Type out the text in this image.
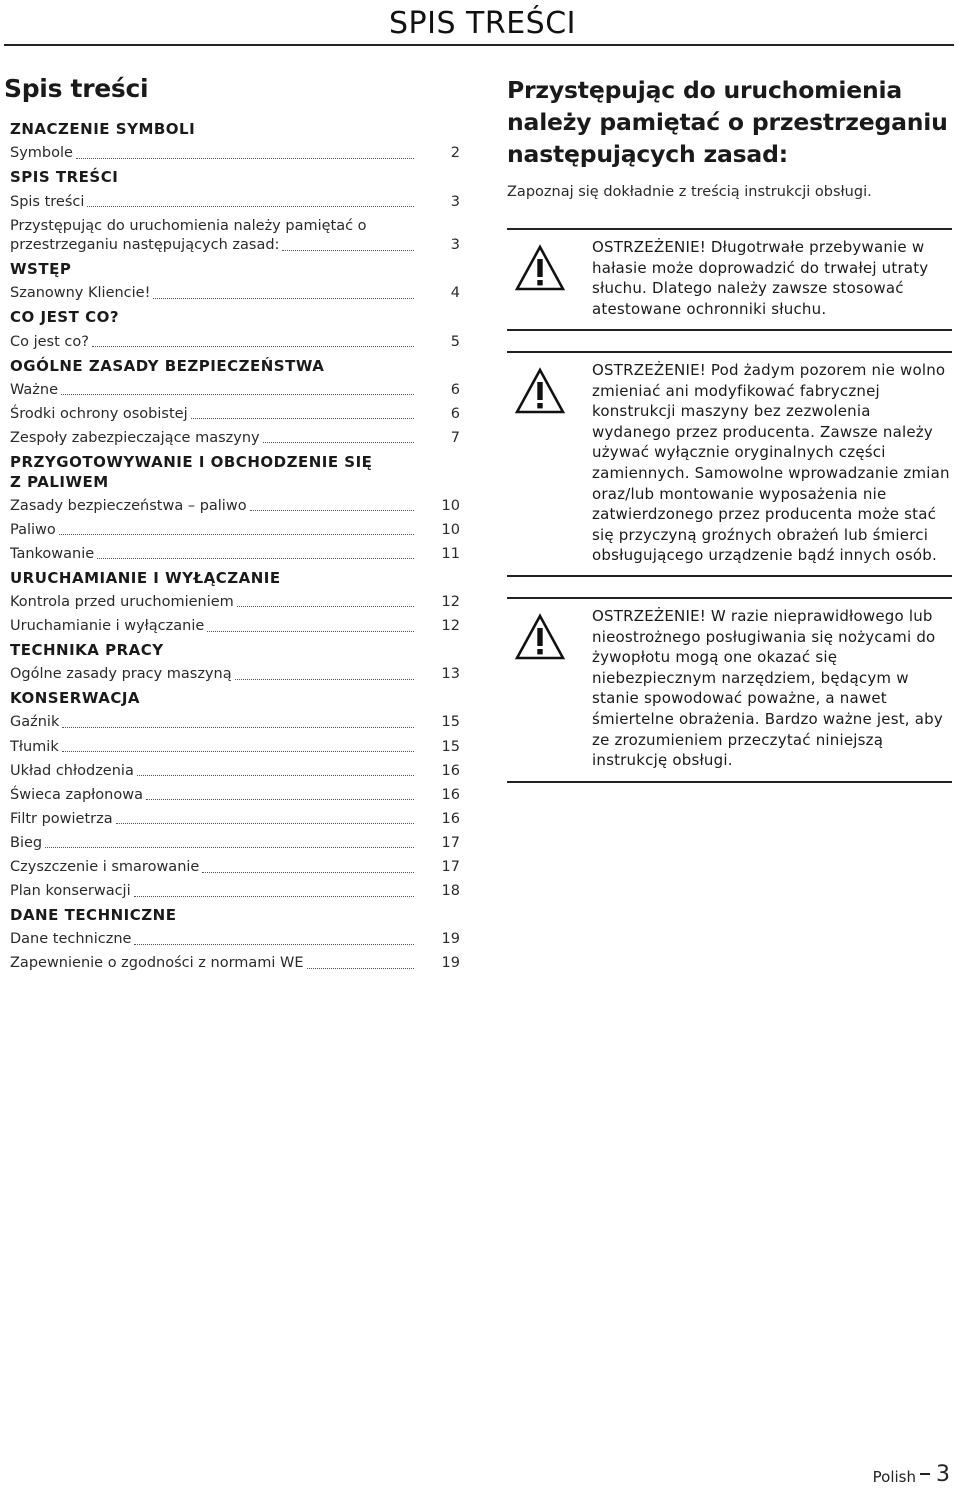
SPIS TREŚCI
Spis treści
ZNACZENIE SYMBOLI
Symbole	2
SPIS TREŚCI
Spis treści	3
Przystępując do uruchomienia należy pamiętać o
przestrzeganiu następujących zasad:	3
WSTĘP
Szanowny Kliencie!	4
CO JEST CO?
Co jest co?	5
OGÓLNE ZASADY BEZPIECZEŃSTWA
Ważne	6
Środki ochrony osobistej	6
Zespoły zabezpieczające maszyny	7
PRZYGOTOWYWANIE I OBCHODZENIE SIĘ Z PALIWEM
Zasady bezpieczeństwa – paliwo	10
Paliwo	10
Tankowanie	11
URUCHAMIANIE I WYŁĄCZANIE
Kontrola przed uruchomieniem	12
Uruchamianie i wyłączanie	12
TECHNIKA PRACY
Ogólne zasady pracy maszyną	13
KONSERWACJA
Gaźnik	15
Tłumik	15
Układ chłodzenia	16
Świeca zapłonowa	16
Filtr powietrza	16
Bieg	17
Czyszczenie i smarowanie	17
Plan konserwacji	18
DANE TECHNICZNE
Dane techniczne	19
Zapewnienie o zgodności z normami WE	19
Przystępując do uruchomienia należy pamiętać o przestrzeganiu następujących zasad:
Zapoznaj się dokładnie z treścią instrukcji obsługi.
OSTRZEŻENIE! Długotrwałe przebywanie w hałasie może doprowadzić do trwałej utraty słuchu. Dlatego należy zawsze stosować atestowane ochronniki słuchu.
OSTRZEŻENIE! Pod żadym pozorem nie wolno zmieniać ani modyfikować fabrycznej konstrukcji maszyny bez zezwolenia wydanego przez producenta. Zawsze należy używać wyłącznie oryginalnych części zamiennych. Samowolne wprowadzanie zmian oraz/lub montowanie wyposażenia nie zatwierdzonego przez producenta może stać się przyczyną groźnych obrażeń lub śmierci obsługującego urządzenie bądź innych osób.
OSTRZEŻENIE! W razie nieprawidłowego lub nieostrożnego posługiwania się nożycami do żywopłotu mogą one okazać się niebezpiecznym narzędziem, będącym w stanie spowodować poważne, a nawet śmiertelne obrażenia. Bardzo ważne jest, aby ze zrozumieniem przeczytać niniejszą instrukcję obsługi.
Polish 3
